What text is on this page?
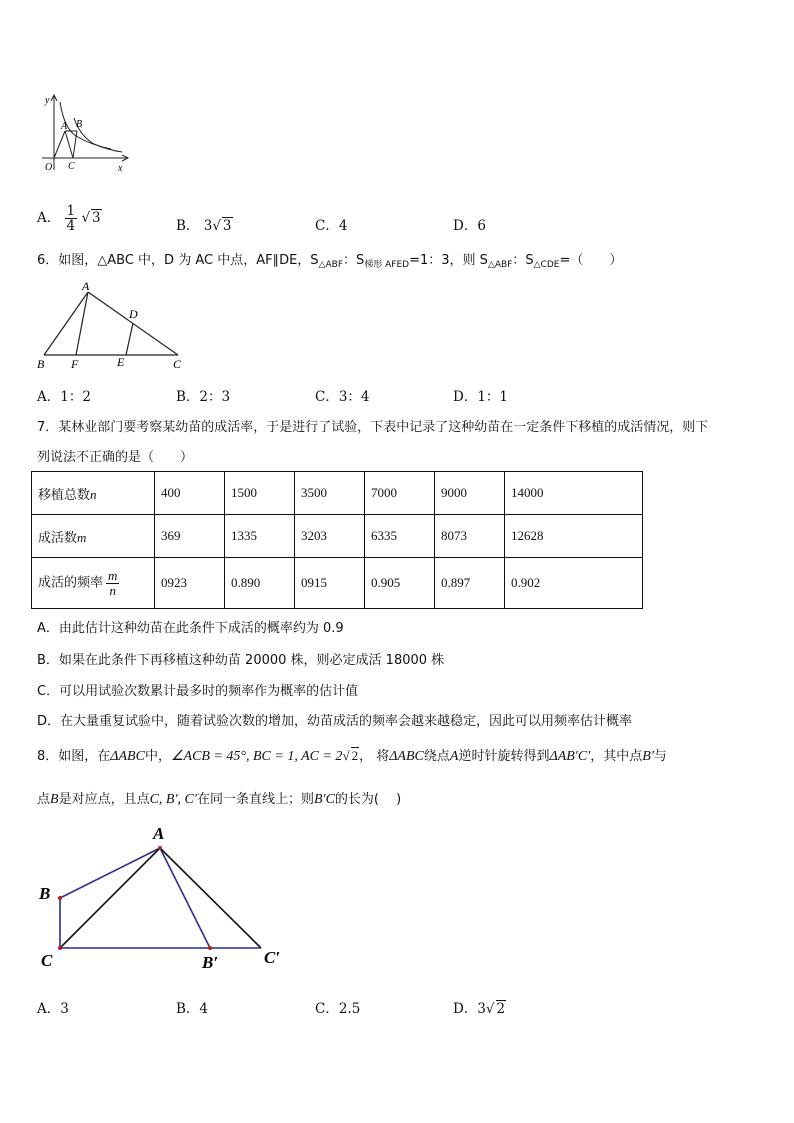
y
A B
O C	x
A． $\frac{1}{4}$ √ 3	B． 3√ 3	C．4	D．6
6．如图，△ABC 中，D 为 AC 中点，AF∥DE，$S_{\triangle ABF}$：$S_{梯形 AFED}=1$：3，则 $S_{\triangle ABF}$：$S_{\triangle CDE}=$（　　）
A
D
B F	E	C
A．1：2	B．2：3	C．3：4	D．1：1
7．某林业部门要考察某幼苗的成活率，于是进行了试验，下表中记录了这种幼苗在一定条件下移植的成活情况，则下
列说法不正确的是（　　）
移植总数n	400	1500	3500	7000	9000	14000
成活数m	369	1335	3203	6335	8073	12628
成活的频率 $\frac{m}{n}$	0923	0.890	0915	0.905	0.897	0.902
A．由此估计这种幼苗在此条件下成活的概率约为 0.9
B．如果在此条件下再移植这种幼苗 20000 株，则必定成活 18000 株
C．可以用试验次数累计最多时的频率作为概率的估计值
D．在大量重复试验中，随着试验次数的增加，幼苗成活的频率会越来越稳定，因此可以用频率估计概率
8．如图，在ΔABC中，∠ACB = 45°, BC = 1, AC = 2√ 2， 将ΔABC绕点A逆时针旋转得到ΔAB′C′，其中点B′与
点B是对应点，且点C, B′, C′在同一条直线上；则B′C的长为(　 )
A
B
C	B′	C′
A．3	B．4	C．2.5	D．3√ 2
